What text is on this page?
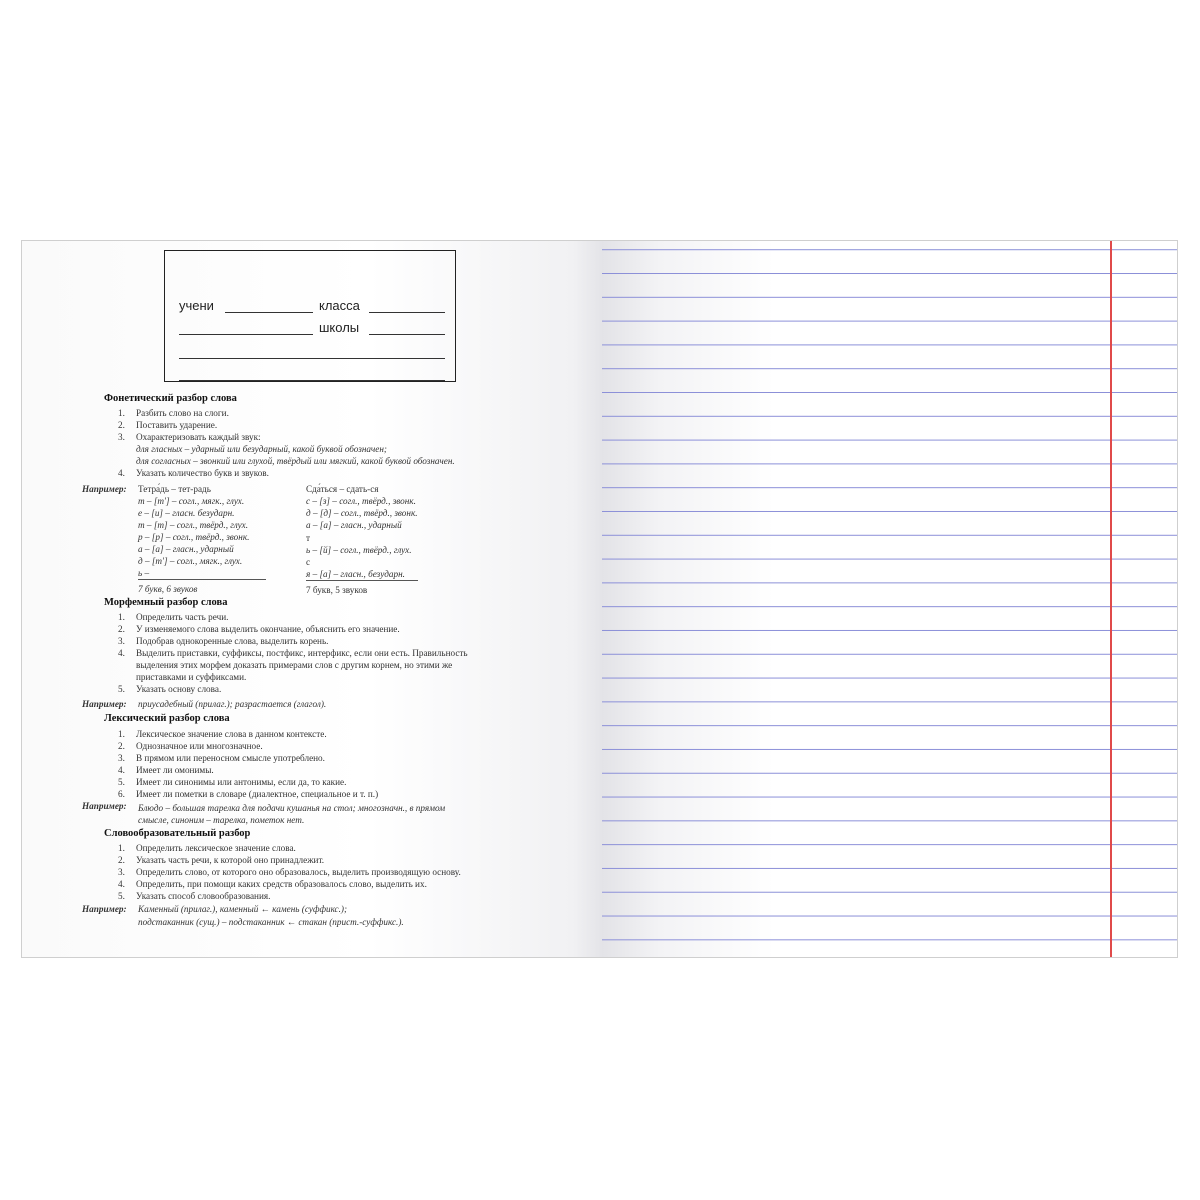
учени	класса
школы
Фонетический разбор слова
1. Разбить слово на слоги.
2. Поставить ударение.
3. Охарактеризовать каждый звук:
для гласных – ударный или безударный, какой буквой обозначен;
для согласных – звонкий или глухой, твёрдый или мягкий, какой буквой обозначен.
4. Указать количество букв и звуков.
Например: Тетра́дь – тет-радь
т – [т'] – согл., мягк., глух.
е – [и] – гласн. безударн.
т – [т] – согл., твёрд., глух.
р – [р] – согл., твёрд., звонк.
а – [а] – гласн., ударный
д – [т'] – согл., мягк., глух.
ь –
7 букв, 6 звуков
Сда́ться – сдать-ся
с – [з] – согл., твёрд., звонк.
д – [д] – согл., твёрд., звонк.
а – [а] – гласн., ударный
т
ь – [й] – согл., твёрд., глух.
с
я – [а] – гласн., безударн.
7 букв, 5 звуков
Морфемный разбор слова
1. Определить часть речи.
2. У изменяемого слова выделить окончание, объяснить его значение.
3. Подобрав однокоренные слова, выделить корень.
4. Выделить приставки, суффиксы, постфикс, интерфикс, если они есть. Правильность
выделения этих морфем доказать примерами слов с другим корнем, но этими же
приставками и суффиксами.
5. Указать основу слова.
Например: приусадебный (прилаг.); разрастается (глагол).
Лексический разбор слова
1. Лексическое значение слова в данном контексте.
2. Однозначное или многозначное.
3. В прямом или переносном смысле употреблено.
4. Имеет ли омонимы.
5. Имеет ли синонимы или антонимы, если да, то какие.
6. Имеет ли пометки в словаре (диалектное, специальное и т. п.)
Например: Блюдо – большая тарелка для подачи кушанья на стол; многозначн., в прямом
смысле, синоним – тарелка, пометок нет.
Словообразовательный разбор
1. Определить лексическое значение слова.
2. Указать часть речи, к которой оно принадлежит.
3. Определить слово, от которого оно образовалось, выделить производящую основу.
4. Определить, при помощи каких средств образовалось слово, выделить их.
5. Указать способ словообразования.
Например: Каменный (прилаг.), каменный ← камень (суффикс.);
подстаканник (сущ.) – подстаканник ← стакан (прист.-суффикс.).
